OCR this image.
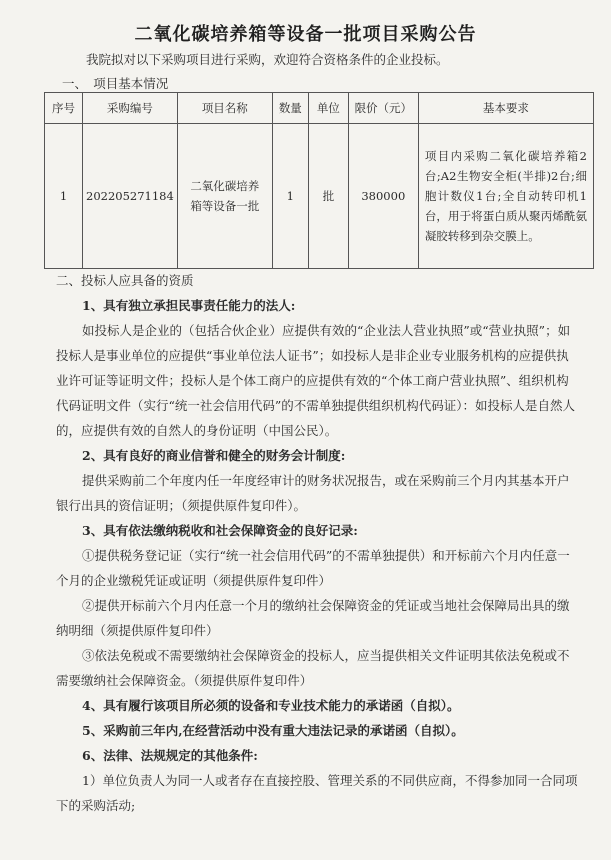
二氧化碳培养箱等设备一批项目采购公告
我院拟对以下采购项目进行采购，欢迎符合资格条件的企业投标。
一、　项目基本情况
序号	采购编号	项目名称	数量	单位	限价（元）	基本要求
1	202205271184	二氧化碳培养箱等设备一批	1	批	380000	项目内采购二氧化碳培养箱2台;A2生物安全柜(半排)2台;细胞计数仪1台;全自动转印机1台，用于将蛋白质从聚丙烯酰氨凝胶转移到杂交膜上。

二、投标人应具备的资质

1、具有独立承担民事责任能力的法人:

如投标人是企业的（包括合伙企业）应提供有效的“企业法人营业执照”或“营业执照”；如投标人是事业单位的应提供“事业单位法人证书”；如投标人是非企业专业服务机构的应提供执业许可证等证明文件；投标人是个体工商户的应提供有效的“个体工商户营业执照”、组织机构代码证明文件（实行“统一社会信用代码”的不需单独提供组织机构代码证）：如投标人是自然人的，应提供有效的自然人的身份证明（中国公民）。

2、具有良好的商业信誉和健全的财务会计制度:

提供采购前二个年度内任一年度经审计的财务状况报告，或在采购前三个月内其基本开户银行出具的资信证明；（须提供原件复印件）。

3、具有依法缴纳税收和社会保障资金的良好记录:

①提供税务登记证（实行“统一社会信用代码”的不需单独提供）和开标前六个月内任意一个月的企业缴税凭证或证明（须提供原件复印件）

②提供开标前六个月内任意一个月的缴纳社会保障资金的凭证或当地社会保障局出具的缴纳明细（须提供原件复印件）

③依法免税或不需要缴纳社会保障资金的投标人，应当提供相关文件证明其依法免税或不需要缴纳社会保障资金。（须提供原件复印件）

4、具有履行该项目所必须的设备和专业技术能力的承诺函（自拟）。

5、采购前三年内,在经营活动中没有重大违法记录的承诺函（自拟）。

6、法律、法规规定的其他条件:

1）单位负责人为同一人或者存在直接控股、管理关系的不同供应商，不得参加同一合同项下的采购活动;
